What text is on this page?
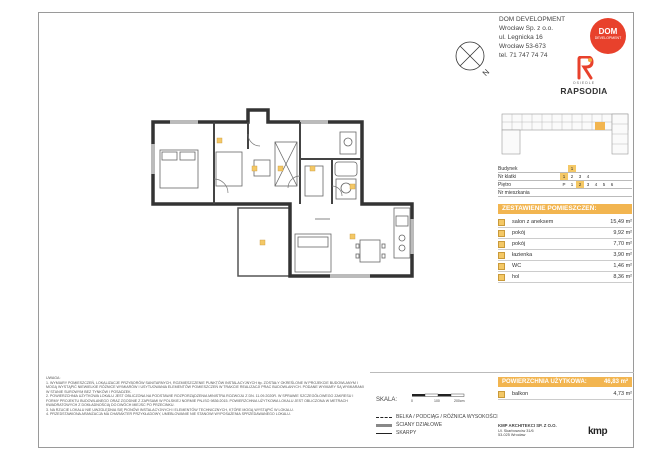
DOM DEVELOPMENT
Wrocław Sp. z o.o.
ul. Legnicka 16
Wrocław 53-673
tel. 71 747 74 74
DOM
DEVELOPMENT
N
OSIEDLE
RAPSODIA
Budynek	1
Nr klatki	1	2	3	4
Piętro	P	1	2	3	4	5	6
Nr mieszkania
ZESTAWIENIE POMIESZCZEŃ:
salon z aneksem	15,49 m²
pokój	9,92 m²
pokój	7,70 m²
łazienka	3,90 m²
WC	1,46 m²
hol	8,36 m²
POWIERZCHNIA UŻYTKOWA:	46,83 m²
balkon	4,73 m²

UWAGA:

1. WYMIARY POMIESZCZEŃ, LOKALIZACJE PRZYBORÓW SANITARNYCH, ROZMIESZCZENIE PUNKTÓW INSTALACYJNYCH itp. ZOSTAŁY OKREŚLONE W PROJEKCIE BUDOWLANYM I MOGĄ WYSTĄPIĆ NIEWIELKIE RÓŻNICE WYMIARÓW I USYTUOWANIA ELEMENTÓW POMIESZCZEŃ W TRAKCIE REALIZACJI PRAC BUDOWLANYCH. PODANE WYMIARY SĄ WYMIARAMI W STANIE SUROWYM BEZ TYNKÓW I POSADZEK.

2. POWIERZCHNIA UŻYTKOWA LOKALU JEST OBLICZONA NA PODSTAWIE ROZPORZĄDZENIA MINISTRA ROZWOJU Z DN. 11.09.2020R. W SPRAWIE SZCZEGÓŁOWEGO ZAKRESU I FORMY PROJEKTU BUDOWLANEGO ORAZ ZGODNIE Z ZAPISAMI W POLSKIEJ NORMIE PN-ISO 9836:2015. POWIERZCHNIA UŻYTKOWA LOKALU JEST OBLICZONA W METRACH KWADRATOWYCH Z DOKŁADNOŚCIĄ DO DWÓCH MIEJSC PO PRZECINKU.

3. NA RZUCIE LOKALU NIE UWZGLĘDNIA SIĘ PIONÓW INSTALACYJNYCH I ELEMENTÓW TECHNICZNYCH, KTÓRE MOGĄ WYSTĄPIĆ W LOKALU.

4. PRZEDSTAWIONA ARANŻACJA MA CHARAKTER PRZYKŁADOWY, UMEBLOWANIE NIE STANOWI WYPOSAŻENIA SPRZEDAWANEGO LOKALU.

SKALA:	0	100	200cm
BELKA / PODCIĄG / RÓŻNICA WYSOKOŚCI
ŚCIANY DZIAŁOWE
SKARPY
KMP ARCHITEKCI SP. Z O.O.
Ul. Skarbowców 31/6
53-025 Wrocław	kmp
